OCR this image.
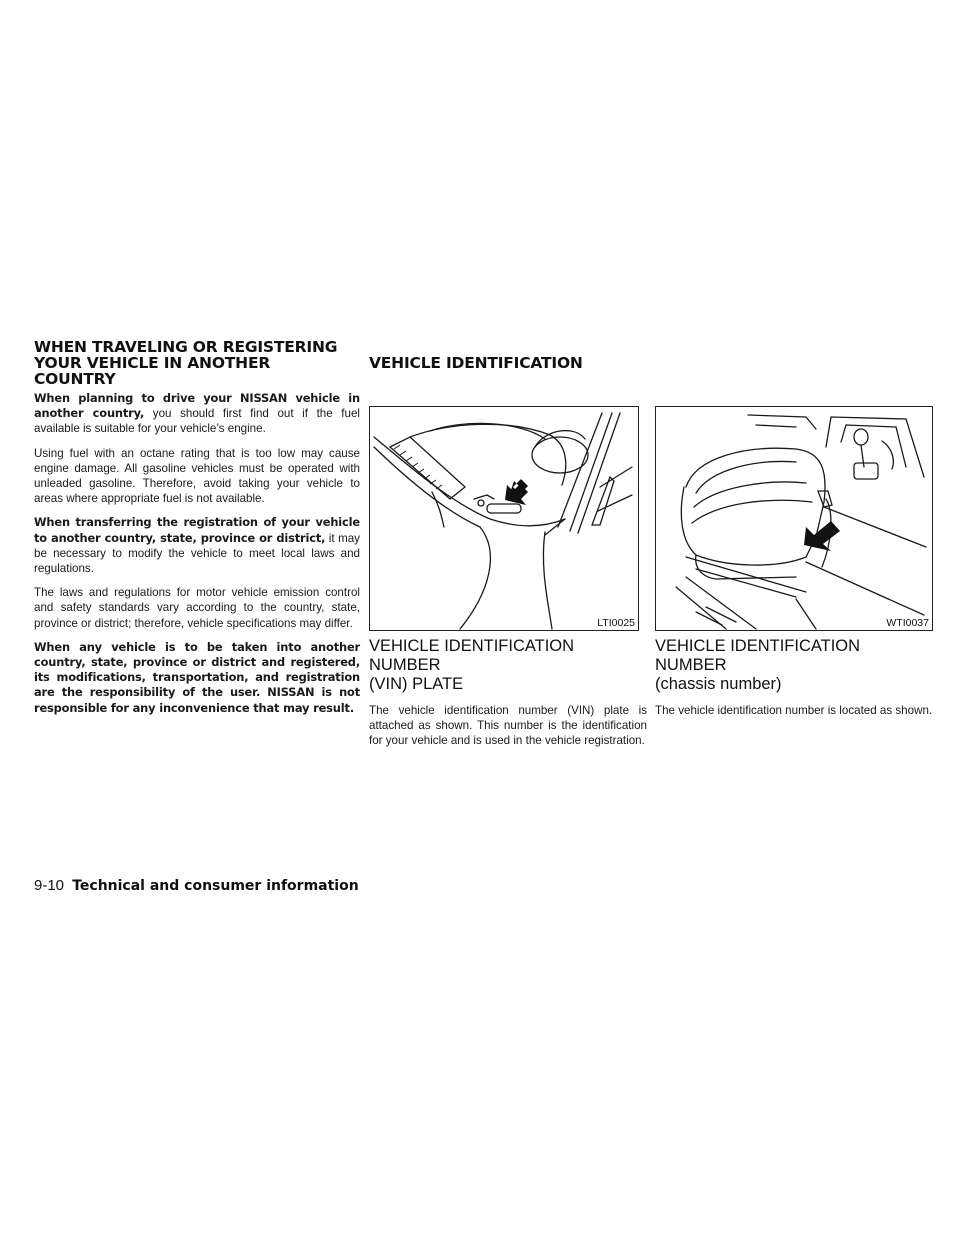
WHEN TRAVELING OR REGISTERING
YOUR VEHICLE IN ANOTHER
COUNTRY

When planning to drive your NISSAN vehicle in another country, you should first find out if the fuel available is suitable for your vehicle’s engine.

Using fuel with an octane rating that is too low may cause engine damage. All gasoline vehicles must be operated with unleaded gasoline. Therefore, avoid taking your vehicle to areas where appropriate fuel is not available.

When transferring the registration of your vehicle to another country, state, province or district, it may be necessary to modify the vehicle to meet local laws and regulations.

The laws and regulations for motor vehicle emission control and safety standards vary according to the country, state, province or district; therefore, vehicle specifications may differ.

When any vehicle is to be taken into another country, state, province or district and registered, its modifications, transportation, and registration are the responsibility of the user. NISSAN is not responsible for any inconvenience that may result.

VEHICLE IDENTIFICATION
LTI0025
VEHICLE IDENTIFICATION NUMBER
(VIN) PLATE

The vehicle identification number (VIN) plate is attached as shown. This number is the identification for your vehicle and is used in the vehicle registration.

WTI0037
VEHICLE IDENTIFICATION NUMBER
(chassis number)

The vehicle identification number is located as shown.

9-10 Technical and consumer information
